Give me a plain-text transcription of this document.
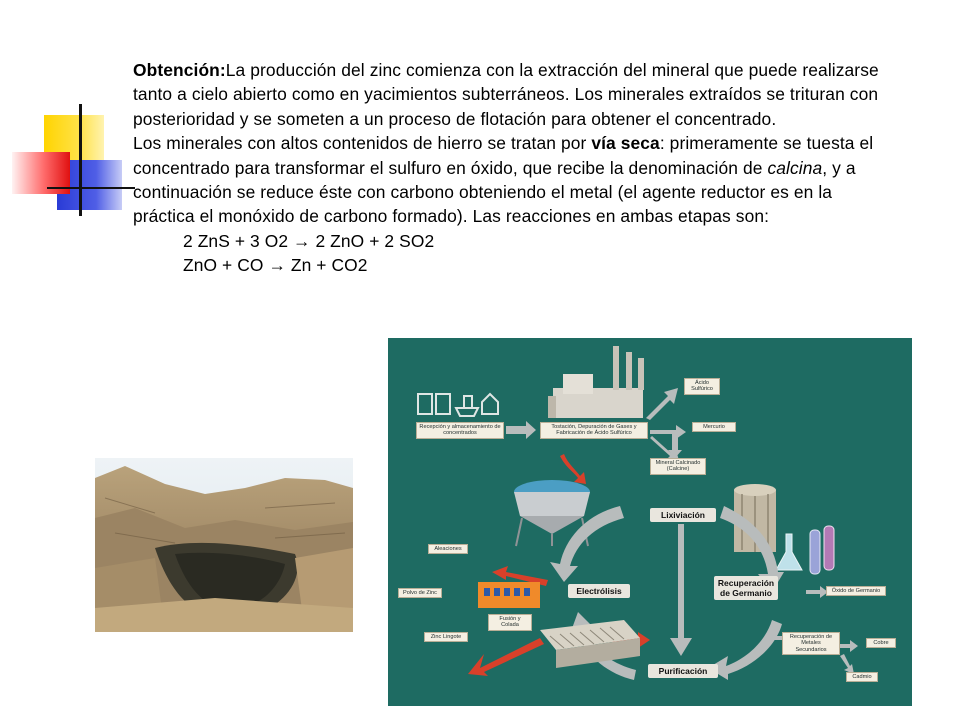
Obtención:La producción del zinc comienza con la extracción del mineral que puede realizarse tanto a cielo abierto como en yacimientos subterráneos. Los minerales extraídos se trituran con posterioridad y se someten a un proceso de flotación para obtener el concentrado.

Los minerales con altos contenidos de hierro se tratan por vía seca: primeramente se tuesta el concentrado para transformar el sulfuro en óxido, que recibe la denominación de calcina, y a continuación se reduce éste con carbono obteniendo el metal (el agente reductor es en la práctica el monóxido de carbono formado). Las reacciones en ambas etapas son:

2 ZnS + 3 O2 → 2 ZnO + 2 SO2

ZnO + CO → Zn + CO2

Recepción y almacenamiento de concentrados
Tostación, Depuración de Gases y Fabricación de Ácido Sulfúrico
Ácido Sulfúrico
Mercurio
Mineral Calcinado (Calcine)
Lixiviación
Recuperación de Germanio	Óxido de Germanio
Electrólisis
Purificación
Recuperación de Metales Secundarios
Cobre
Cadmio
Aleaciones
Polvo de Zinc
Fusión y Colada
Zinc Lingote
